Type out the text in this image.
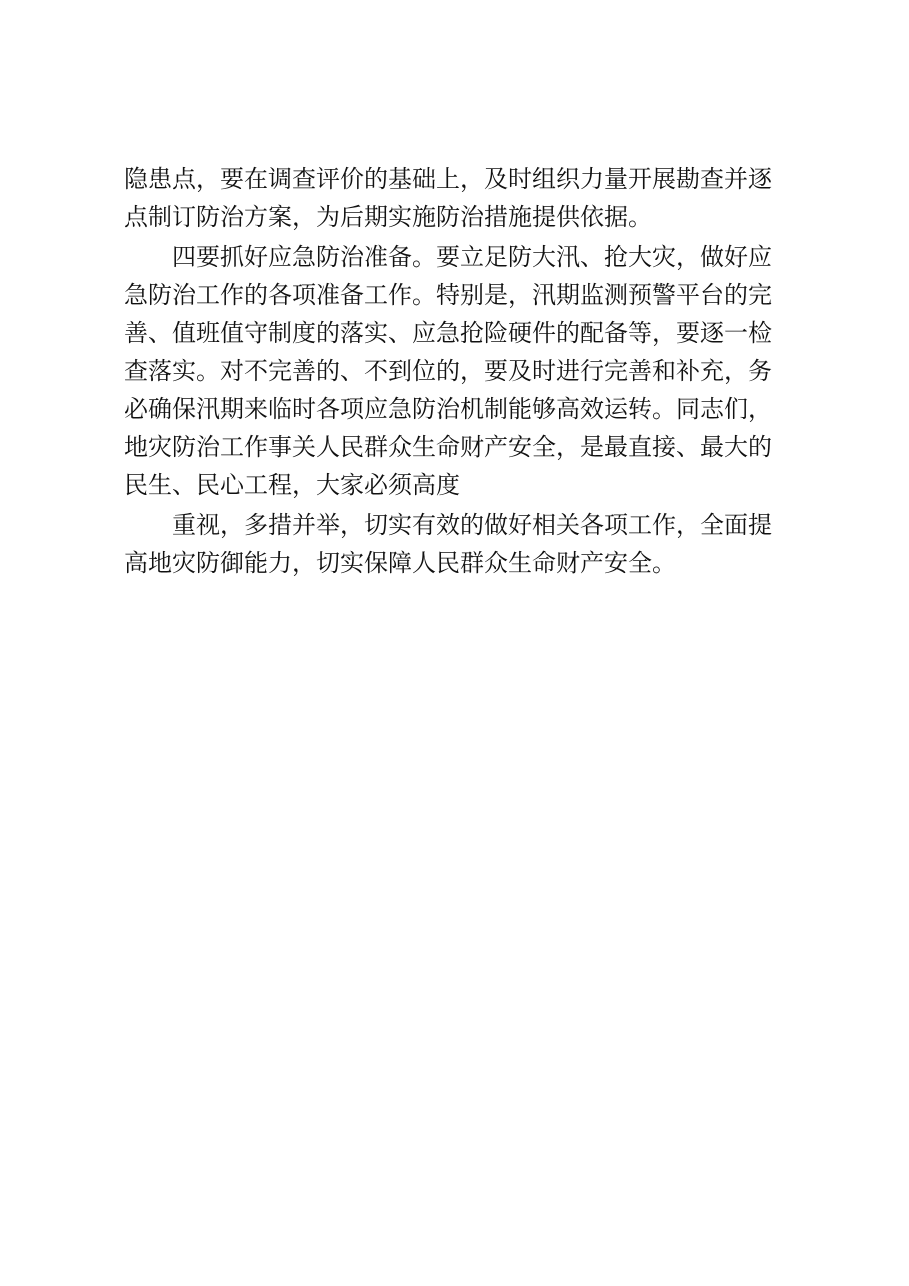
隐患点，要在调查评价的基础上，及时组织力量开展勘查并逐
点制订防治方案，为后期实施防治措施提供依据。
四要抓好应急防治准备。要立足防大汛、抢大灾，做好应
急防治工作的各项准备工作。特别是，汛期监测预警平台的完
善、值班值守制度的落实、应急抢险硬件的配备等，要逐一检
查落实。对不完善的、不到位的，要及时进行完善和补充，务
必确保汛期来临时各项应急防治机制能够高效运转。同志们，
地灾防治工作事关人民群众生命财产安全，是最直接、最大的
民生、民心工程，大家必须高度
重视，多措并举，切实有效的做好相关各项工作，全面提
高地灾防御能力，切实保障人民群众生命财产安全。
